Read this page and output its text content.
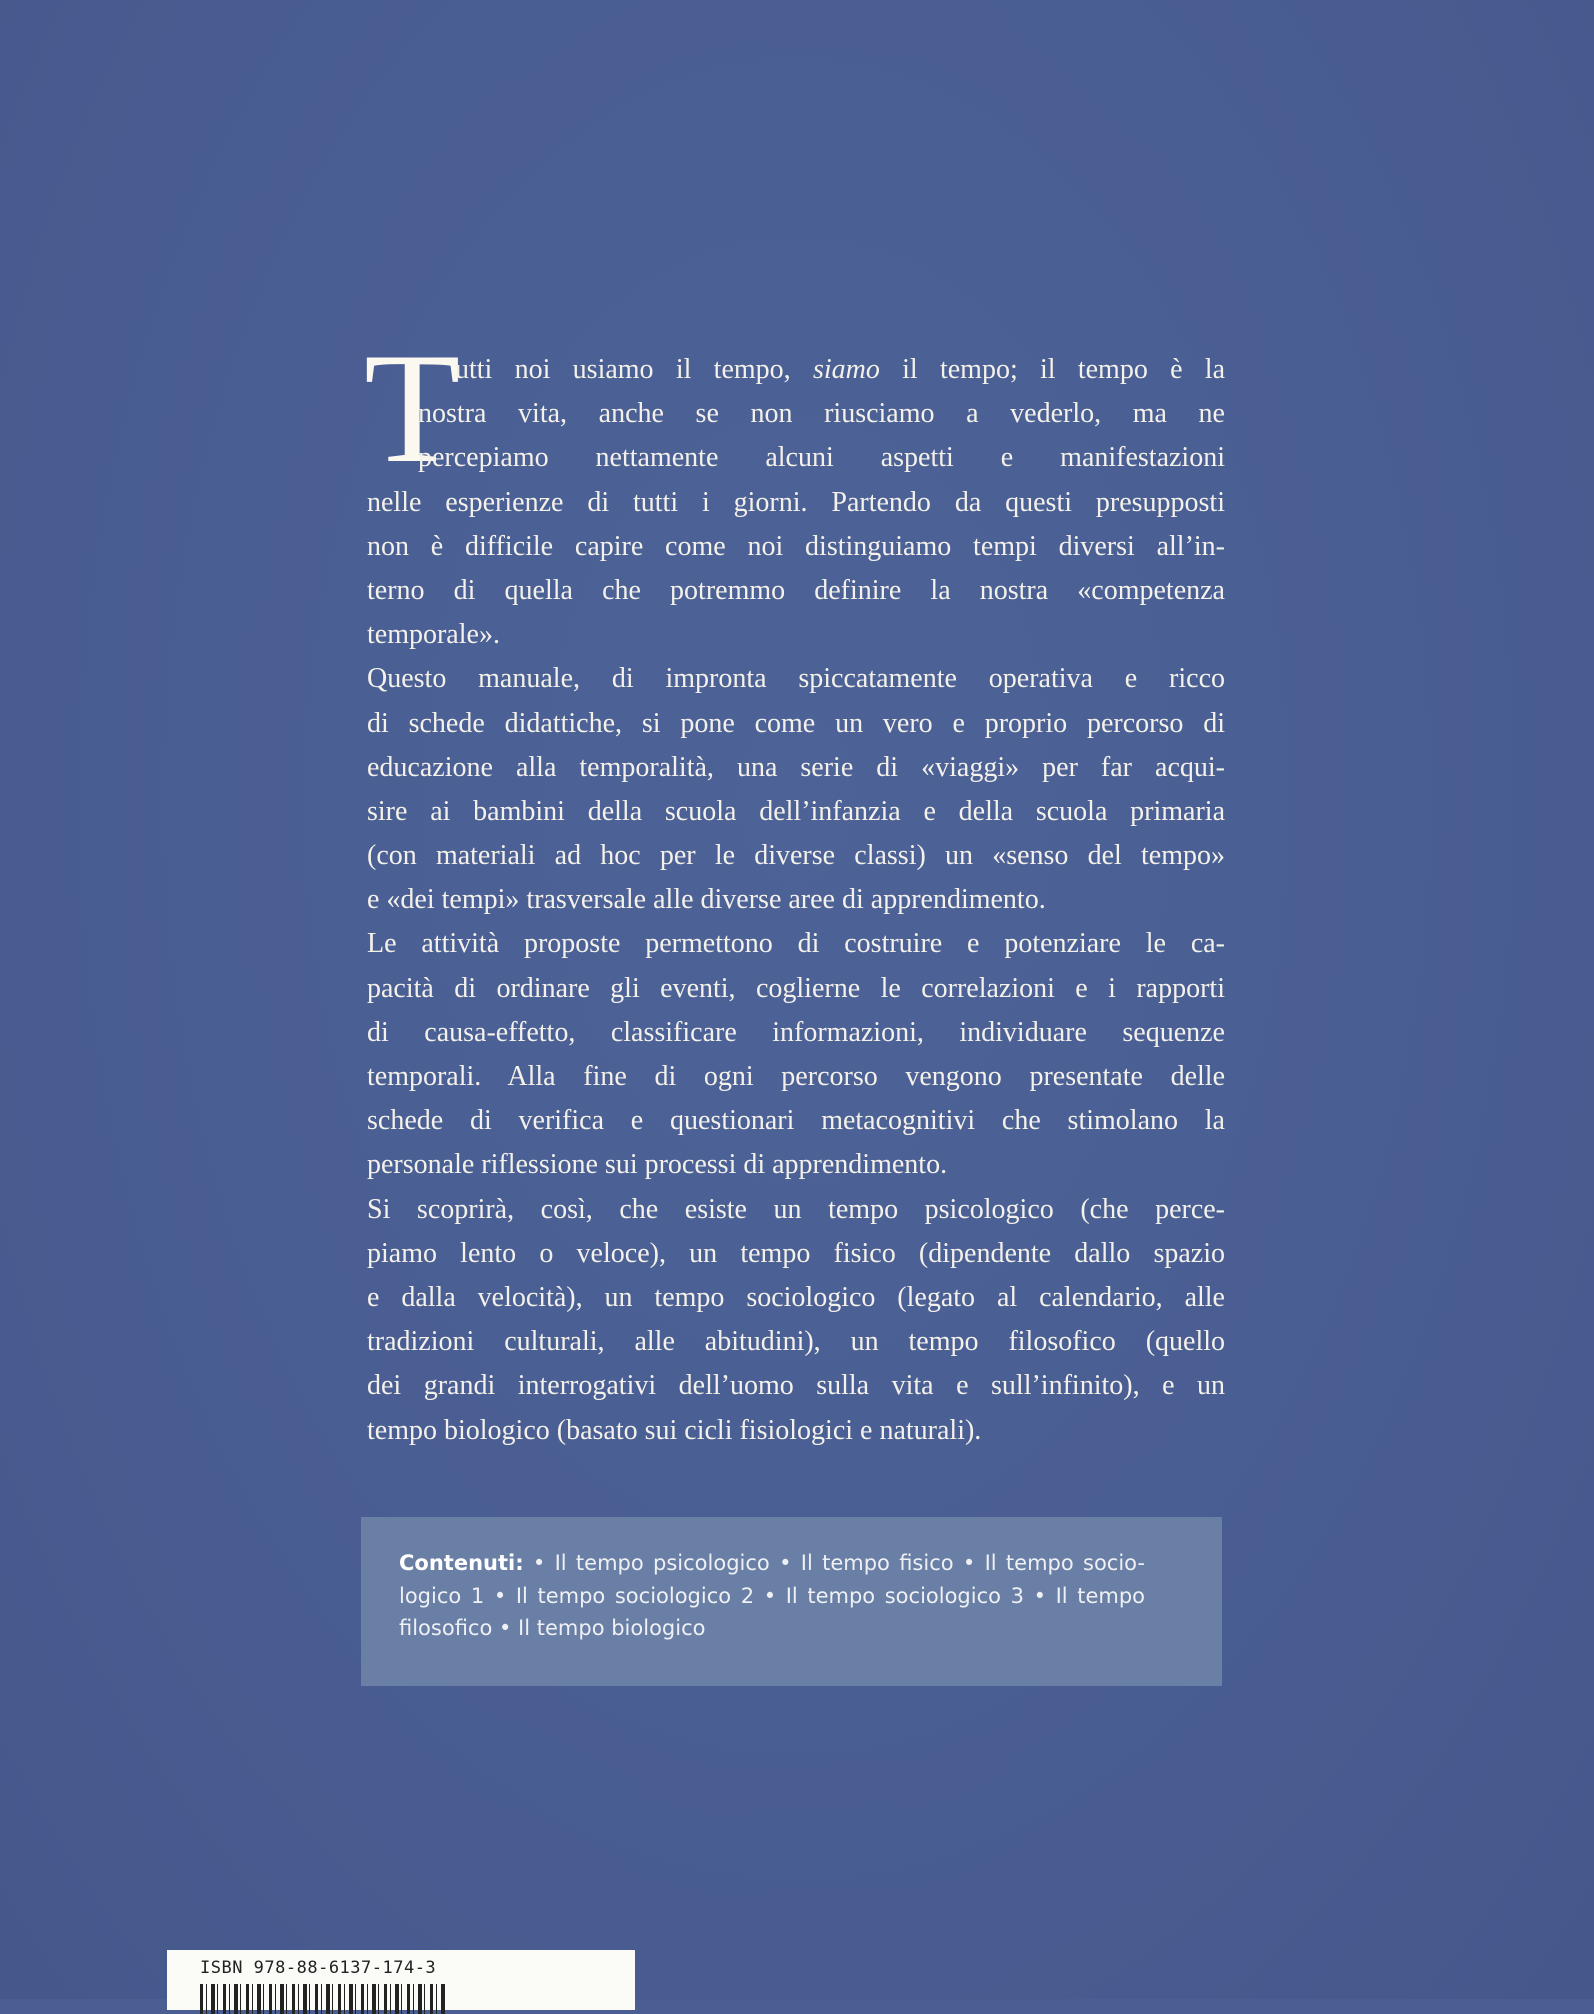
T
utti noi usiamo il tempo, siamo il tempo; il tempo è la
nostra vita, anche se non riusciamo a vederlo, ma ne
percepiamo nettamente alcuni aspetti e manifestazioni
nelle esperienze di tutti i giorni. Partendo da questi presupposti
non è difficile capire come noi distinguiamo tempi diversi all’in-
terno di quella che potremmo definire la nostra «competenza
temporale».
Questo manuale, di impronta spiccatamente operativa e ricco
di schede didattiche, si pone come un vero e proprio percorso di
educazione alla temporalità, una serie di «viaggi» per far acqui-
sire ai bambini della scuola dell’infanzia e della scuola primaria
(con materiali ad hoc per le diverse classi) un «senso del tempo»
e «dei tempi» trasversale alle diverse aree di apprendimento.
Le attività proposte permettono di costruire e potenziare le ca-
pacità di ordinare gli eventi, coglierne le correlazioni e i rapporti
di causa-effetto, classificare informazioni, individuare sequenze
temporali. Alla fine di ogni percorso vengono presentate delle
schede di verifica e questionari metacognitivi che stimolano la
personale riflessione sui processi di apprendimento.
Si scoprirà, così, che esiste un tempo psicologico (che perce-
piamo lento o veloce), un tempo fisico (dipendente dallo spazio
e dalla velocità), un tempo sociologico (legato al calendario, alle
tradizioni culturali, alle abitudini), un tempo filosofico (quello
dei grandi interrogativi dell’uomo sulla vita e sull’infinito), e un
tempo biologico (basato sui cicli fisiologici e naturali).
Contenuti: • Il tempo psicologico • Il tempo fisico • Il tempo socio-
logico 1 • Il tempo sociologico 2 • Il tempo sociologico 3 • Il tempo
filosofico • Il tempo biologico
ISBN 978-88-6137-174-3
